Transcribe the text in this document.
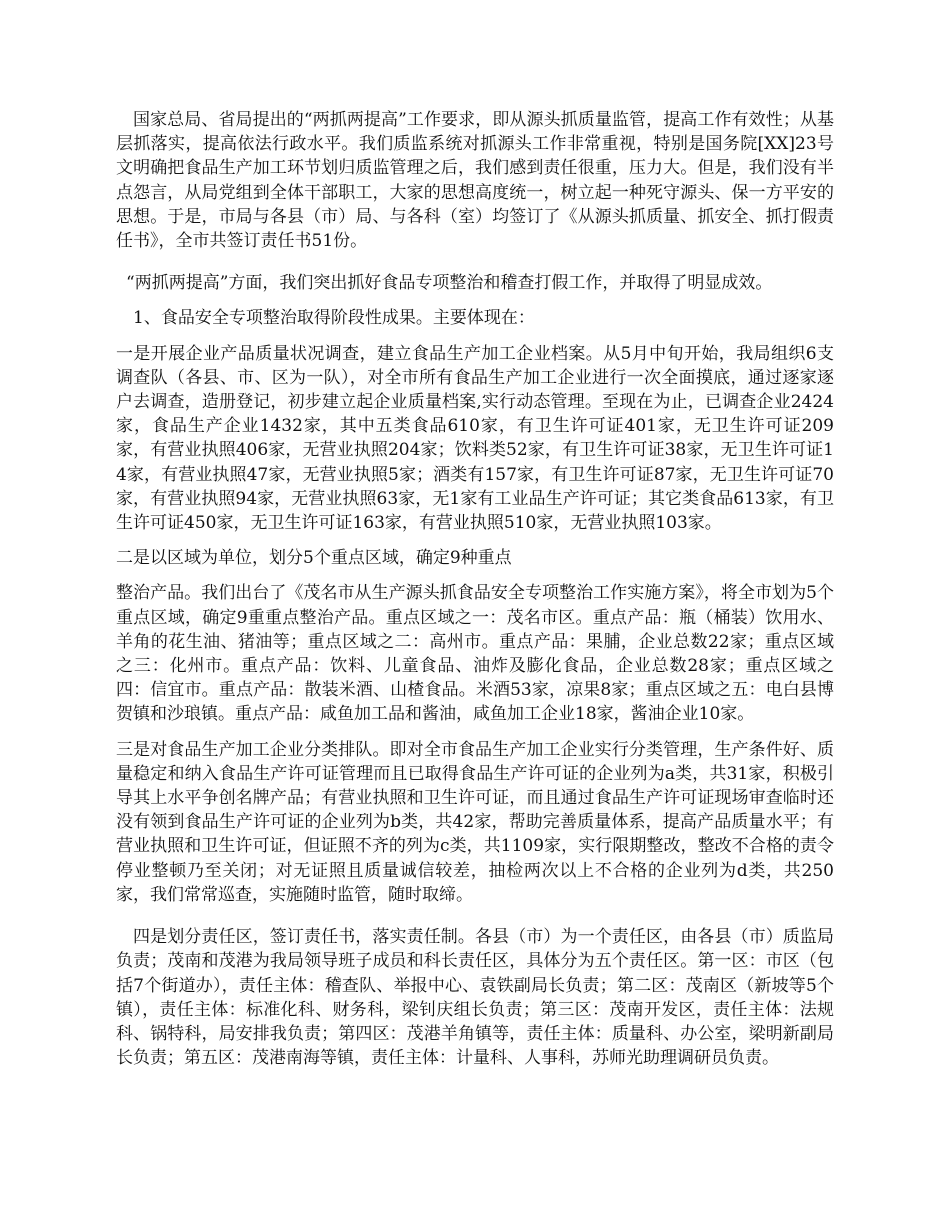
国家总局、省局提出的“两抓两提高”工作要求，即从源头抓质量监管，提高工作有效性；从基层抓落实，提高依法行政水平。我们质监系统对抓源头工作非常重视，特别是国务院[XX]23号文明确把食品生产加工环节划归质监管理之后，我们感到责任很重，压力大。但是，我们没有半点怨言，从局党组到全体干部职工，大家的思想高度统一，树立起一种死守源头、保一方平安的思想。于是，市局与各县（市）局、与各科（室）均签订了《从源头抓质量、抓安全、抓打假责任书》，全市共签订责任书51份。

“两抓两提高”方面，我们突出抓好食品专项整治和稽查打假工作，并取得了明显成效。

1、食品安全专项整治取得阶段性成果。主要体现在：

一是开展企业产品质量状况调查，建立食品生产加工企业档案。从5月中旬开始，我局组织6支调查队（各县、市、区为一队），对全市所有食品生产加工企业进行一次全面摸底，通过逐家逐户去调查，造册登记，初步建立起企业质量档案,实行动态管理。至现在为止，已调查企业2424家，食品生产企业1432家，其中五类食品610家，有卫生许可证401家，无卫生许可证209家，有营业执照406家，无营业执照204家；饮料类52家，有卫生许可证38家，无卫生许可证14家，有营业执照47家，无营业执照5家；酒类有157家，有卫生许可证87家，无卫生许可证70家，有营业执照94家，无营业执照63家，无1家有工业品生产许可证；其它类食品613家，有卫生许可证450家，无卫生许可证163家，有营业执照510家，无营业执照103家。

二是以区域为单位，划分5个重点区域，确定9种重点

整治产品。我们出台了《茂名市从生产源头抓食品安全专项整治工作实施方案》，将全市划为5个重点区域，确定9重重点整治产品。重点区域之一：茂名市区。重点产品：瓶（桶装）饮用水、羊角的花生油、猪油等；重点区域之二：高州市。重点产品：果脯，企业总数22家；重点区域之三：化州市。重点产品：饮料、儿童食品、油炸及膨化食品，企业总数28家；重点区域之四：信宜市。重点产品：散装米酒、山楂食品。米酒53家，凉果8家；重点区域之五：电白县博贺镇和沙琅镇。重点产品：咸鱼加工品和酱油，咸鱼加工企业18家，酱油企业10家。

三是对食品生产加工企业分类排队。即对全市食品生产加工企业实行分类管理，生产条件好、质量稳定和纳入食品生产许可证管理而且已取得食品生产许可证的企业列为a类，共31家，积极引导其上水平争创名牌产品；有营业执照和卫生许可证，而且通过食品生产许可证现场审查临时还没有领到食品生产许可证的企业列为b类，共42家，帮助完善质量体系，提高产品质量水平；有营业执照和卫生许可证，但证照不齐的列为c类，共1109家，实行限期整改，整改不合格的责令停业整顿乃至关闭；对无证照且质量诚信较差，抽检两次以上不合格的企业列为d类，共250家，我们常常巡查，实施随时监管，随时取缔。

四是划分责任区，签订责任书，落实责任制。各县（市）为一个责任区，由各县（市）质监局负责；茂南和茂港为我局领导班子成员和科长责任区，具体分为五个责任区。第一区：市区（包括7个街道办），责任主体：稽查队、举报中心、袁铁副局长负责；第二区：茂南区（新坡等5个镇），责任主体：标准化科、财务科，梁钊庆组长负责；第三区：茂南开发区，责任主体：法规科、锅特科，局安排我负责；第四区：茂港羊角镇等，责任主体：质量科、办公室，梁明新副局长负责；第五区：茂港南海等镇，责任主体：计量科、人事科，苏师光助理调研员负责。
